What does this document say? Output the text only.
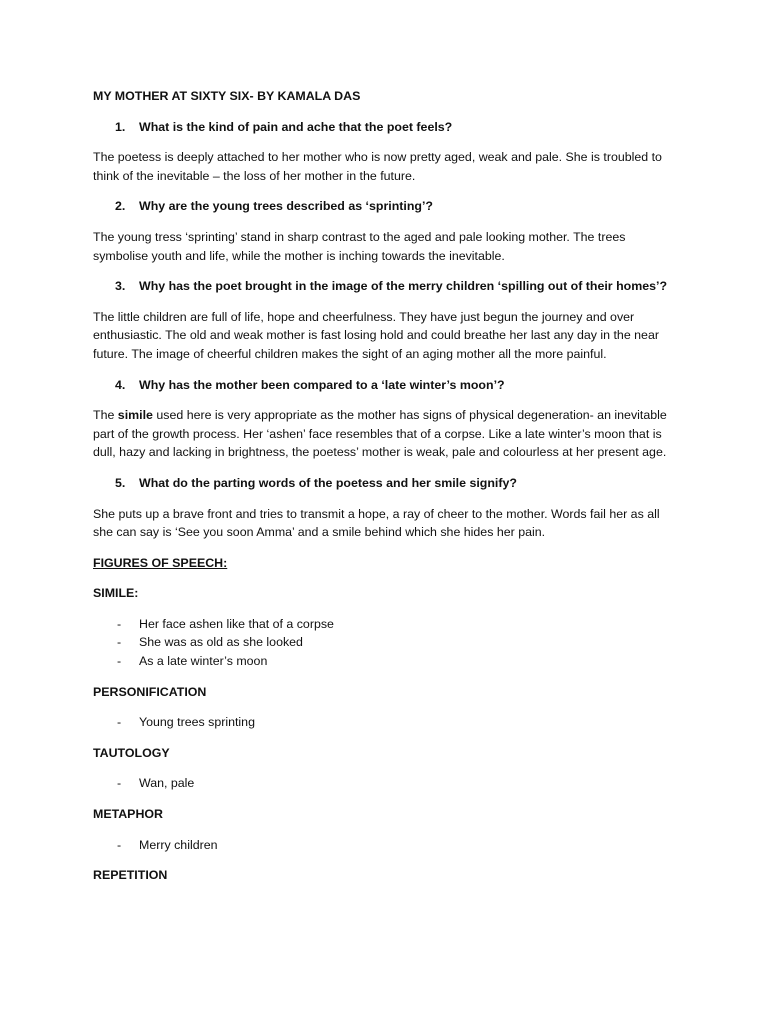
MY MOTHER AT SIXTY SIX- BY KAMALA DAS
1.	What is the kind of pain and ache that the poet feels?

The poetess is deeply attached to her mother who is now pretty aged, weak and pale. She is troubled to think of the inevitable – the loss of her mother in the future.

2.	Why are the young trees described as ‘sprinting’?

The young tress ‘sprinting’ stand in sharp contrast to the aged and pale looking mother. The trees symbolise youth and life, while the mother is inching towards the inevitable.

3.	Why has the poet brought in the image of the merry children ‘spilling out of their homes’?

The little children are full of life, hope and cheerfulness. They have just begun the journey and over enthusiastic. The old and weak mother is fast losing hold and could breathe her last any day in the near future. The image of cheerful children makes the sight of an aging mother all the more painful.

4.	Why has the mother been compared to a ‘late winter’s moon’?

The simile used here is very appropriate as the mother has signs of physical degeneration- an inevitable part of the growth process. Her ‘ashen’ face resembles that of a corpse. Like a late winter’s moon that is dull, hazy and lacking in brightness, the poetess’ mother is weak, pale and colourless at her present age.

5.	What do the parting words of the poetess and her smile signify?

She puts up a brave front and tries to transmit a hope, a ray of cheer to the mother. Words fail her as all she can say is ‘See you soon Amma’ and a smile behind which she hides her pain.

FIGURES OF SPEECH:
SIMILE:
-	Her face ashen like that of a corpse
-	She was as old as she looked
-	As a late winter’s moon
PERSONIFICATION
-	Young trees sprinting
TAUTOLOGY
-	Wan, pale
METAPHOR
-	Merry children
REPETITION
